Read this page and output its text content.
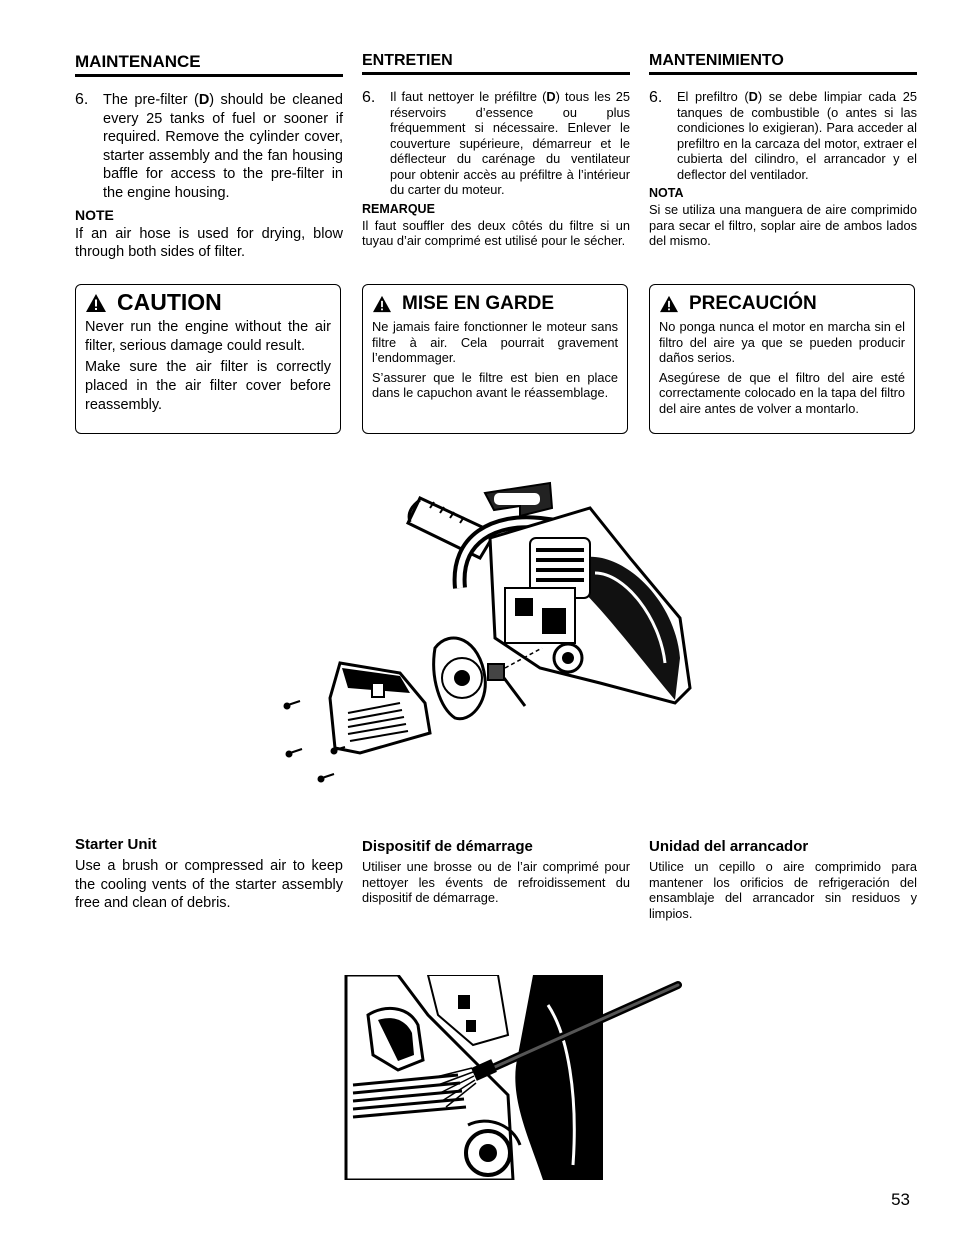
MAINTENANCE
6.	The pre-filter (D) should be cleaned every 25 tanks of fuel or sooner if required. Remove the cylinder cover, starter assembly and the fan housing baffle for access to the pre-filter in the engine housing.

NOTE

If an air hose is used for drying, blow through both sides of filter.

ENTRETIEN
6.	Il faut nettoyer le préfiltre (D) tous les 25 réservoirs d’essence ou plus fréquemment si nécessaire. Enlever le couverture supérieure, démarreur et le déflecteur du carénage du ventilateur pour obtenir accès au préfiltre à l’intérieur du carter du moteur.

REMARQUE

Il faut souffler des deux côtés du filtre si un tuyau d’air comprimé est utilisé pour le sécher.

MANTENIMIENTO
6.	El prefiltro (D) se debe limpiar cada 25 tanques de combustible (o antes si las condiciones lo exigieran). Para acceder al prefiltro en la carcaza del motor, extraer el cubierta del cilindro, el arrancador y el deflector del ventilador.

NOTA

Si se utiliza una manguera de aire comprimido para secar el filtro, soplar aire de ambos lados del mismo.

CAUTION

Never run the engine without the air filter, serious damage could result.

Make sure the air filter is correctly placed in the air filter cover before reassembly.

MISE EN GARDE

Ne jamais faire fonctionner le moteur sans filtre à air. Cela pourrait gravement l’endommager.

S’assurer que le filtre est bien en place dans le capuchon avant le réassemblage.

PRECAUCIÓN

No ponga nunca el motor en marcha sin el filtro del aire ya que se pueden producir daños serios.

Asegúrese de que el filtro del aire esté correctamente colocado en la tapa del filtro del aire antes de volver a montarlo.

Starter Unit

Use a brush or compressed air to keep the cooling vents of the starter assembly free and clean of debris.

Dispositif de démarrage

Utiliser une brosse ou de l’air comprimé pour nettoyer les évents de refroidissement du dispositif de démarrage.

Unidad del arrancador

Utilice un cepillo o aire comprimido para mantener los orificios de refrigeración del ensamblaje del arrancador sin residuos y limpios.

53
